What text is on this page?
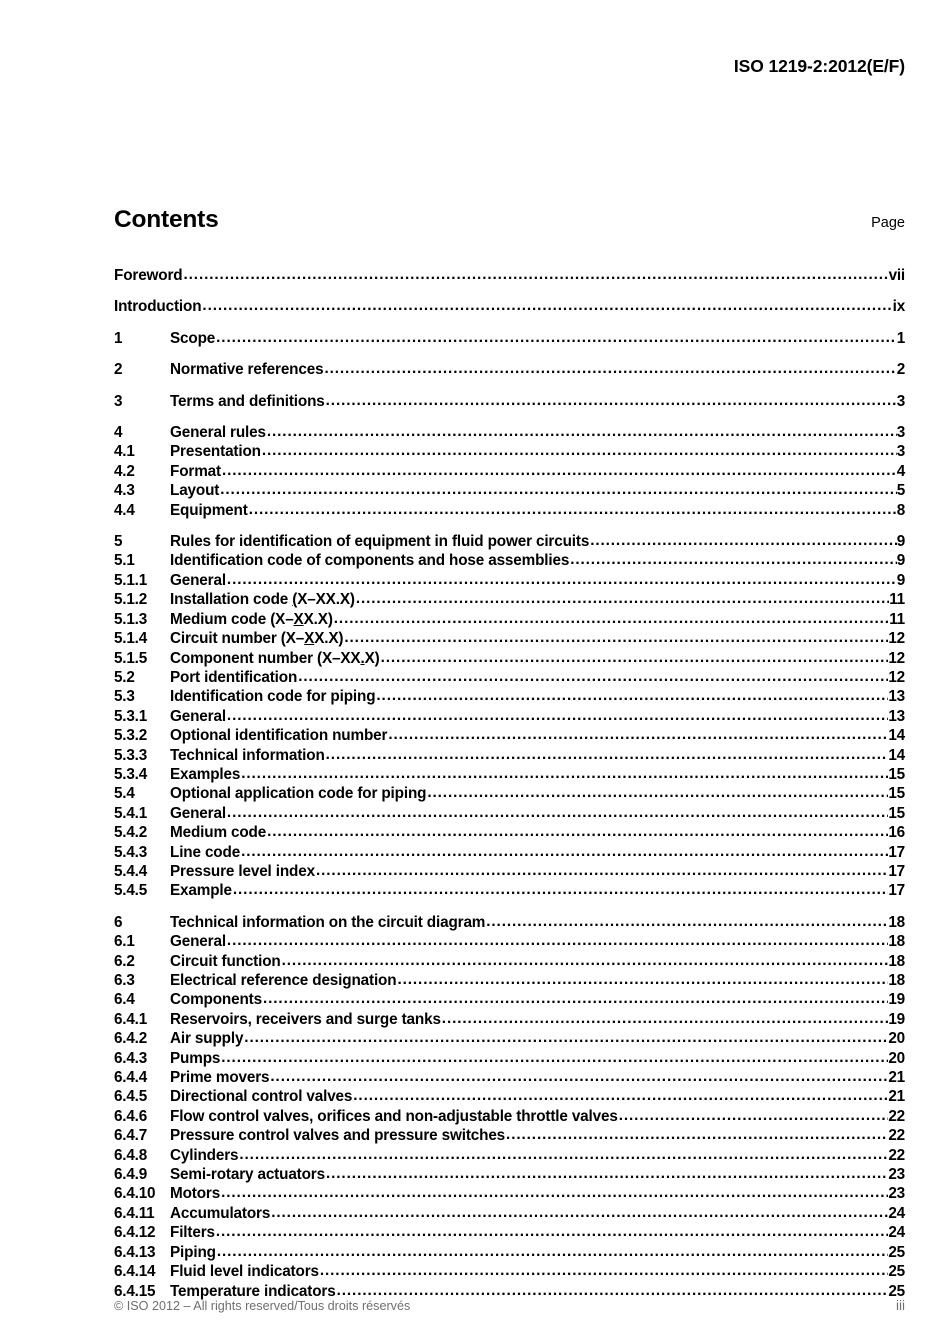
ISO 1219-2:2012(E/F)
Contents	Page
Foreword .....	vii
Introduction .....	ix
1	Scope .....	1
2	Normative references .....	2
3	Terms and definitions .....	3
4	General rules .....	3
4.1	Presentation .....	3
4.2	Format .....	4
4.3	Layout .....	5
4.4	Equipment .....	8
5	Rules for identification of equipment in fluid power circuits .....	9
5.1	Identification code of components and hose assemblies .....	9
5.1.1	General .....	9
5.1.2	Installation code (X–XX.X) .....	11
5.1.3	Medium code (X–XX.X) .....	11
5.1.4	Circuit number (X–XX.X) .....	12
5.1.5	Component number (X–XX.X) .....	12
5.2	Port identification .....	12
5.3	Identification code for piping .....	13
5.3.1	General .....	13
5.3.2	Optional identification number .....	14
5.3.3	Technical information .....	14
5.3.4	Examples .....	15
5.4	Optional application code for piping .....	15
5.4.1	General .....	15
5.4.2	Medium code .....	16
5.4.3	Line code .....	17
5.4.4	Pressure level index .....	17
5.4.5	Example .....	17
6	Technical information on the circuit diagram .....	18
6.1	General .....	18
6.2	Circuit function .....	18
6.3	Electrical reference designation .....	18
6.4	Components .....	19
6.4.1	Reservoirs, receivers and surge tanks .....	19
6.4.2	Air supply .....	20
6.4.3	Pumps .....	20
6.4.4	Prime movers .....	21
6.4.5	Directional control valves .....	21
6.4.6	Flow control valves, orifices and non-adjustable throttle valves .....	22
6.4.7	Pressure control valves and pressure switches .....	22
6.4.8	Cylinders .....	22
6.4.9	Semi-rotary actuators .....	23
6.4.10 Motors .....	23
6.4.11	Accumulators .....	24
6.4.12 Filters .....	24
6.4.13 Piping .....	25
6.4.14 Fluid level indicators .....	25
6.4.15 Temperature indicators .....	25
© ISO 2012 – All rights reserved/Tous droits réservés	iii
